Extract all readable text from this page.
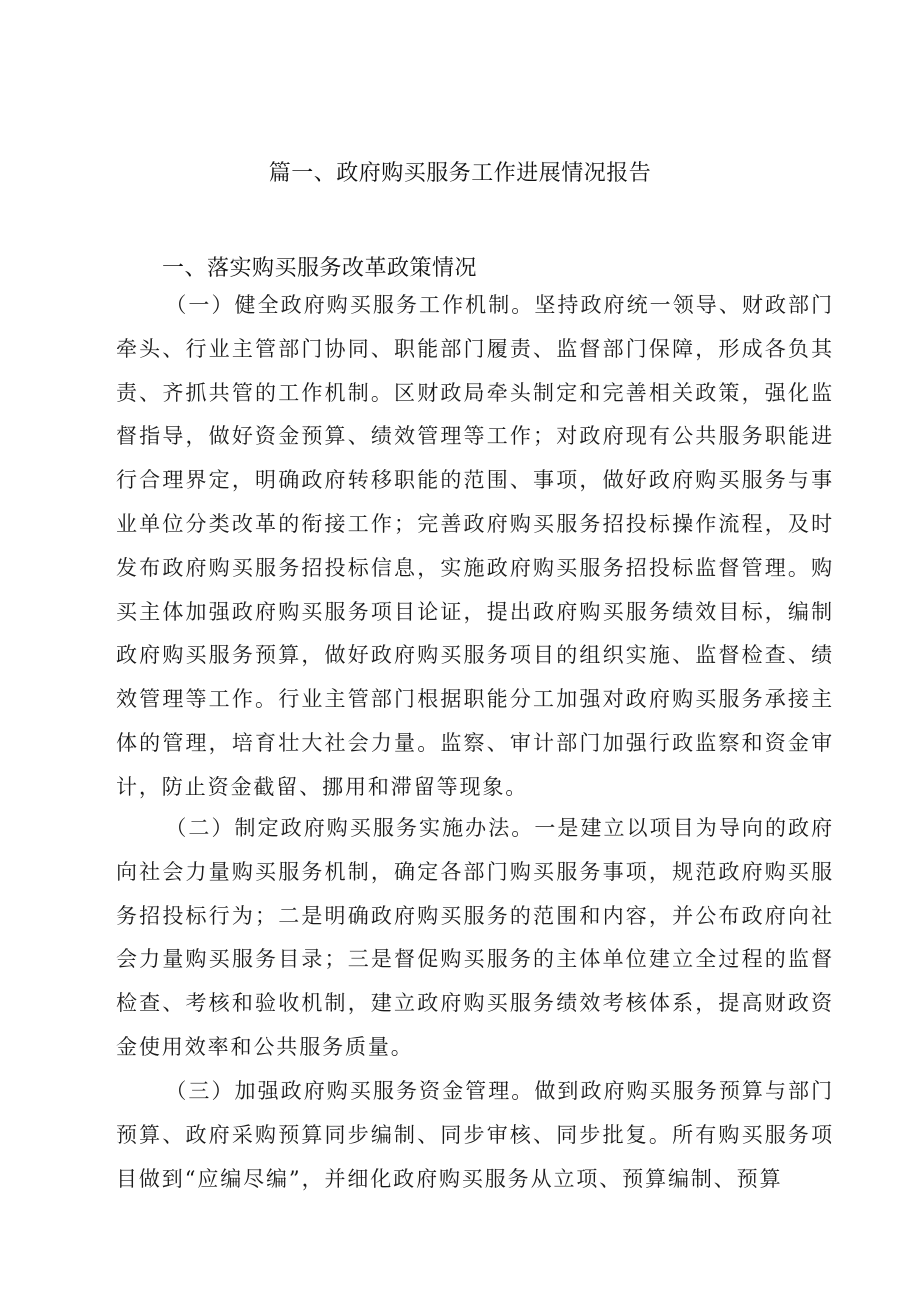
篇一、政府购买服务工作进展情况报告
一、落实购买服务改革政策情况

（一）健全政府购买服务工作机制。坚持政府统一领导、财政部门牵头、行业主管部门协同、职能部门履责、监督部门保障，形成各负其责、齐抓共管的工作机制。区财政局牵头制定和完善相关政策，强化监督指导，做好资金预算、绩效管理等工作；对政府现有公共服务职能进行合理界定，明确政府转移职能的范围、事项，做好政府购买服务与事业单位分类改革的衔接工作；完善政府购买服务招投标操作流程，及时发布政府购买服务招投标信息，实施政府购买服务招投标监督管理。购买主体加强政府购买服务项目论证，提出政府购买服务绩效目标，编制政府购买服务预算，做好政府购买服务项目的组织实施、监督检查、绩效管理等工作。行业主管部门根据职能分工加强对政府购买服务承接主体的管理，培育壮大社会力量。监察、审计部门加强行政监察和资金审计，防止资金截留、挪用和滞留等现象。

（二）制定政府购买服务实施办法。一是建立以项目为导向的政府向社会力量购买服务机制，确定各部门购买服务事项，规范政府购买服务招投标行为；二是明确政府购买服务的范围和内容，并公布政府向社会力量购买服务目录；三是督促购买服务的主体单位建立全过程的监督检查、考核和验收机制，建立政府购买服务绩效考核体系，提高财政资金使用效率和公共服务质量。

（三）加强政府购买服务资金管理。做到政府购买服务预算与部门预算、政府采购预算同步编制、同步审核、同步批复。所有购买服务项目做到“应编尽编”，并细化政府购买服务从立项、预算编制、预算
